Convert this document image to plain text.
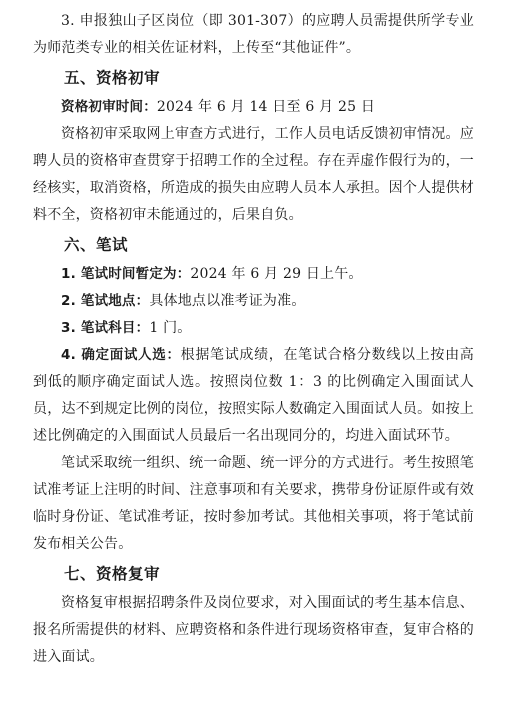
3. 申报独山子区岗位（即 301-307）的应聘人员需提供所学专业为师范类专业的相关佐证材料，上传至“其他证件”。

五、资格初审

资格初审时间：2024 年 6 月 14 日至 6 月 25 日

资格初审采取网上审查方式进行，工作人员电话反馈初审情况。应聘人员的资格审查贯穿于招聘工作的全过程。存在弄虚作假行为的，一经核实，取消资格，所造成的损失由应聘人员本人承担。因个人提供材料不全，资格初审未能通过的，后果自负。

六、笔试

1. 笔试时间暂定为：2024 年 6 月 29 日上午。

2. 笔试地点：具体地点以准考证为准。

3. 笔试科目：1 门。

4. 确定面试人选：根据笔试成绩，在笔试合格分数线以上按由高到低的顺序确定面试人选。按照岗位数 1：3 的比例确定入围面试人员，达不到规定比例的岗位，按照实际人数确定入围面试人员。如按上述比例确定的入围面试人员最后一名出现同分的，均进入面试环节。

笔试采取统一组织、统一命题、统一评分的方式进行。考生按照笔试准考证上注明的时间、注意事项和有关要求，携带身份证原件或有效临时身份证、笔试准考证，按时参加考试。其他相关事项，将于笔试前发布相关公告。

七、资格复审

资格复审根据招聘条件及岗位要求，对入围面试的考生基本信息、报名所需提供的材料、应聘资格和条件进行现场资格审查，复审合格的进入面试。
